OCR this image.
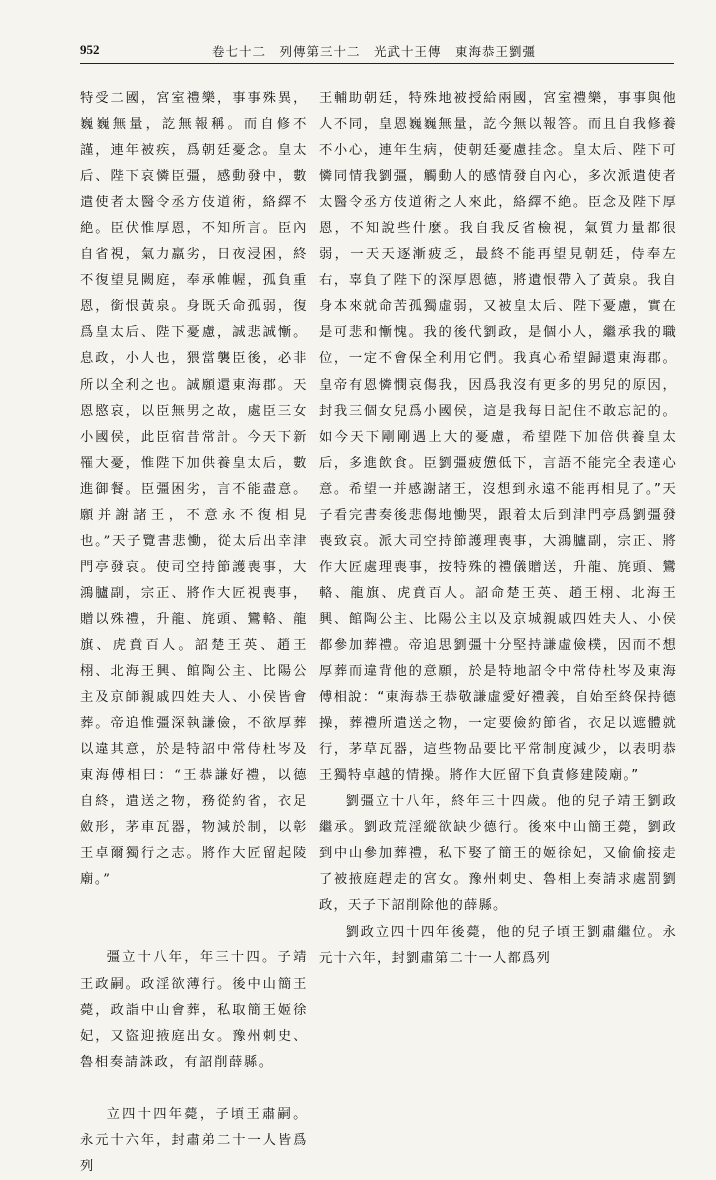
952	卷七十二　列傳第三十二　光武十王傳　東海恭王劉彊

特受二國，宮室禮樂，事事殊異，巍巍無量，訖無報稱。而自修不謹，連年被疾，爲朝廷憂念。皇太后、陛下哀憐臣彊，感動發中，數遣使者太醫令丞方伎道術，絡繹不絶。臣伏惟厚恩，不知所言。臣內自省視，氣力羸劣，日夜浸困，終不復望見闕庭，奉承帷幄，孤負重恩，銜恨黃泉。身既夭命孤弱，復爲皇太后、陛下憂慮，誠悲誠慚。息政，小人也，猥當襲臣後，必非所以全利之也。誠願還東海郡。天恩愍哀，以臣無男之故，處臣三女小國侯，此臣宿昔常計。今天下新罹大憂，惟陛下加供養皇太后，數進御餐。臣彊困劣，言不能盡意。願并謝諸王，不意永不復相見也。”天子覽書悲慟，從太后出幸津門亭發哀。使司空持節護喪事，大鴻臚副，宗正、將作大匠視喪事，贈以殊禮，升龍、旄頭、鸞輅、龍旗、虎賁百人。詔楚王英、趙王栩、北海王興、館陶公主、比陽公主及京師親戚四姓夫人、小侯皆會葬。帝追惟彊深執謙儉，不欲厚葬以違其意，於是特詔中常侍杜岑及東海傅相曰：“王恭謙好禮，以德自終，遣送之物，務從約省，衣足斂形，茅車瓦器，物減於制，以彰王卓爾獨行之志。將作大匠留起陵廟。”

彊立十八年，年三十四。子靖王政嗣。政淫欲薄行。後中山簡王薨，政詣中山會葬，私取簡王姬徐妃，又盜迎掖庭出女。豫州刺史、魯相奏請誅政，有詔削薛縣。

立四十四年薨，子頃王肅嗣。永元十六年，封肅弟二十一人皆爲列

王輔助朝廷，特殊地被授給兩國，宮室禮樂，事事與他人不同，皇恩巍巍無量，訖今無以報答。而且自我修養不小心，連年生病，使朝廷憂慮挂念。皇太后、陛下可憐同情我劉彊，觸動人的感情發自內心，多次派遣使者太醫令丞方伎道術之人來此，絡繹不絶。臣念及陛下厚恩，不知說些什麼。我自我反省檢視，氣質力量都很弱，一天天逐漸疲乏，最終不能再望見朝廷，侍奉左右，辜負了陛下的深厚恩德，將遺恨帶入了黃泉。我自身本來就命苦孤獨虛弱，又被皇太后、陛下憂慮，實在是可悲和慚愧。我的後代劉政，是個小人，繼承我的職位，一定不會保全利用它們。我真心希望歸還東海郡。皇帝有恩憐憫哀傷我，因爲我沒有更多的男兒的原因，封我三個女兒爲小國侯，這是我每日記住不敢忘記的。如今天下剛剛遇上大的憂慮，希望陛下加倍供養皇太后，多進飲食。臣劉彊疲憊低下，言語不能完全表達心意。希望一并感謝諸王，沒想到永遠不能再相見了。”天子看完書奏後悲傷地慟哭，跟着太后到津門亭爲劉彊發喪致哀。派大司空持節護理喪事，大鴻臚副，宗正、將作大匠處理喪事，按特殊的禮儀贈送，升龍、旄頭、鸞輅、龍旗、虎賁百人。詔命楚王英、趙王栩、北海王興、館陶公主、比陽公主以及京城親戚四姓夫人、小侯都參加葬禮。帝追思劉彊十分堅持謙虛儉樸，因而不想厚葬而違背他的意願，於是特地詔令中常侍杜岑及東海傅相說：“東海恭王恭敬謙虛愛好禮義，自始至終保持德操，葬禮所遣送之物，一定要儉約節省，衣足以遮體就行，茅草瓦器，這些物品要比平常制度減少，以表明恭王獨特卓越的情操。將作大匠留下負責修建陵廟。”

劉彊立十八年，終年三十四歲。他的兒子靖王劉政繼承。劉政荒淫縱欲缺少德行。後來中山簡王薨，劉政到中山參加葬禮，私下娶了簡王的姬徐妃，又偷偷接走了被掖庭趕走的宮女。豫州刺史、魯相上奏請求處罰劉政，天子下詔削除他的薛縣。

劉政立四十四年後薨，他的兒子頃王劉肅繼位。永元十六年，封劉肅第二十一人都爲列
